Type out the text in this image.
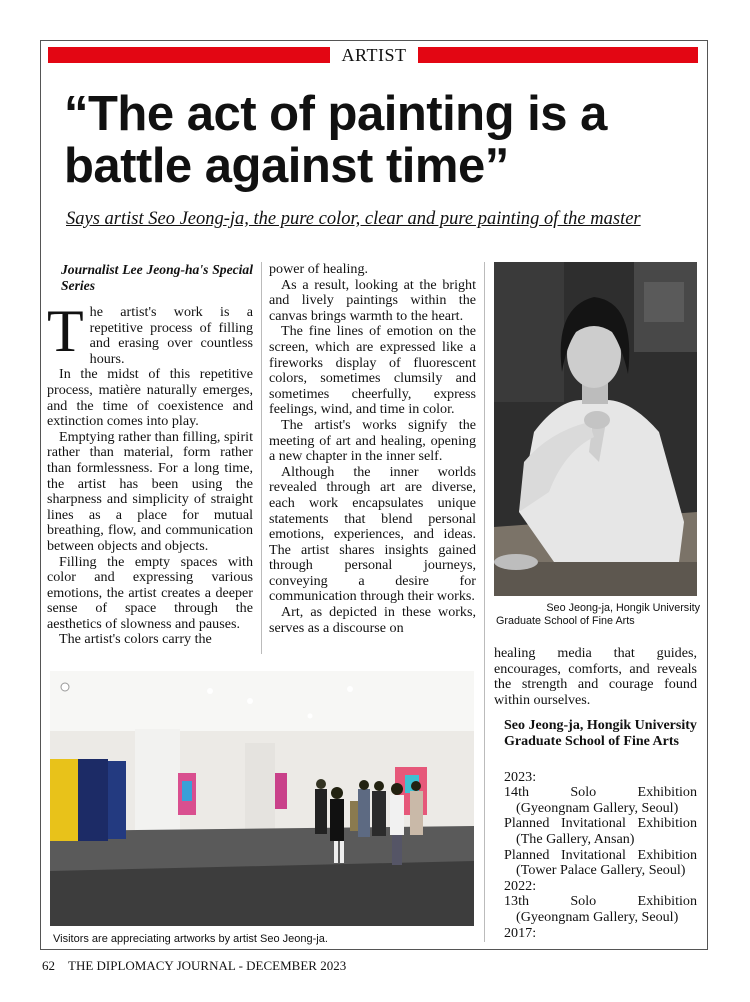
ARTIST
“The act of painting is a battle against time”

Says artist Seo Jeong-ja, the pure color, clear and pure painting of the master

Journalist Lee Jeong-ha's Special Series

The artist's work is a repetitive process of filling and erasing over countless hours.

In the midst of this repetitive process, matière naturally emerges, and the time of coexistence and extinction comes into play.

Emptying rather than filling, spirit rather than material, form rather than formlessness. For a long time, the artist has been using the sharpness and simplicity of straight lines as a place for mutual breathing, flow, and communication between objects and objects.

Filling the empty spaces with color and expressing various emotions, the artist creates a deeper sense of space through the aesthetics of slowness and pauses.

The artist's colors carry the

power of healing.

As a result, looking at the bright and lively paintings within the canvas brings warmth to the heart.

The fine lines of emotion on the screen, which are expressed like a fireworks display of fluorescent colors, sometimes clumsily and sometimes cheerfully, express feelings, wind, and time in color.

The artist's works signify the meeting of art and healing, opening a new chapter in the inner self.

Although the inner worlds revealed through art are diverse, each work encapsulates unique statements that blend personal emotions, experiences, and ideas. The artist shares insights gained through personal journeys, conveying a desire for communication through their works.

Art, as depicted in these works, serves as a discourse on

Seo Jeong-ja, Hongik University
Graduate School of Fine Arts

healing media that guides, encourages, comforts, and reveals the strength and courage found within ourselves.

Seo Jeong-ja, Hongik University Graduate School of Fine Arts

2023:

14th Solo Exhibition (Gyeongnam Gallery, Seoul)

Planned Invitational Exhibition (The Gallery, Ansan)

Planned Invitational Exhibition (Tower Palace Gallery, Seoul)

2022:

13th Solo Exhibition (Gyeongnam Gallery, Seoul)

2017:

Visitors are appreciating artworks by artist Seo Jeong-ja.
62 THE DIPLOMACY JOURNAL - DECEMBER 2023
